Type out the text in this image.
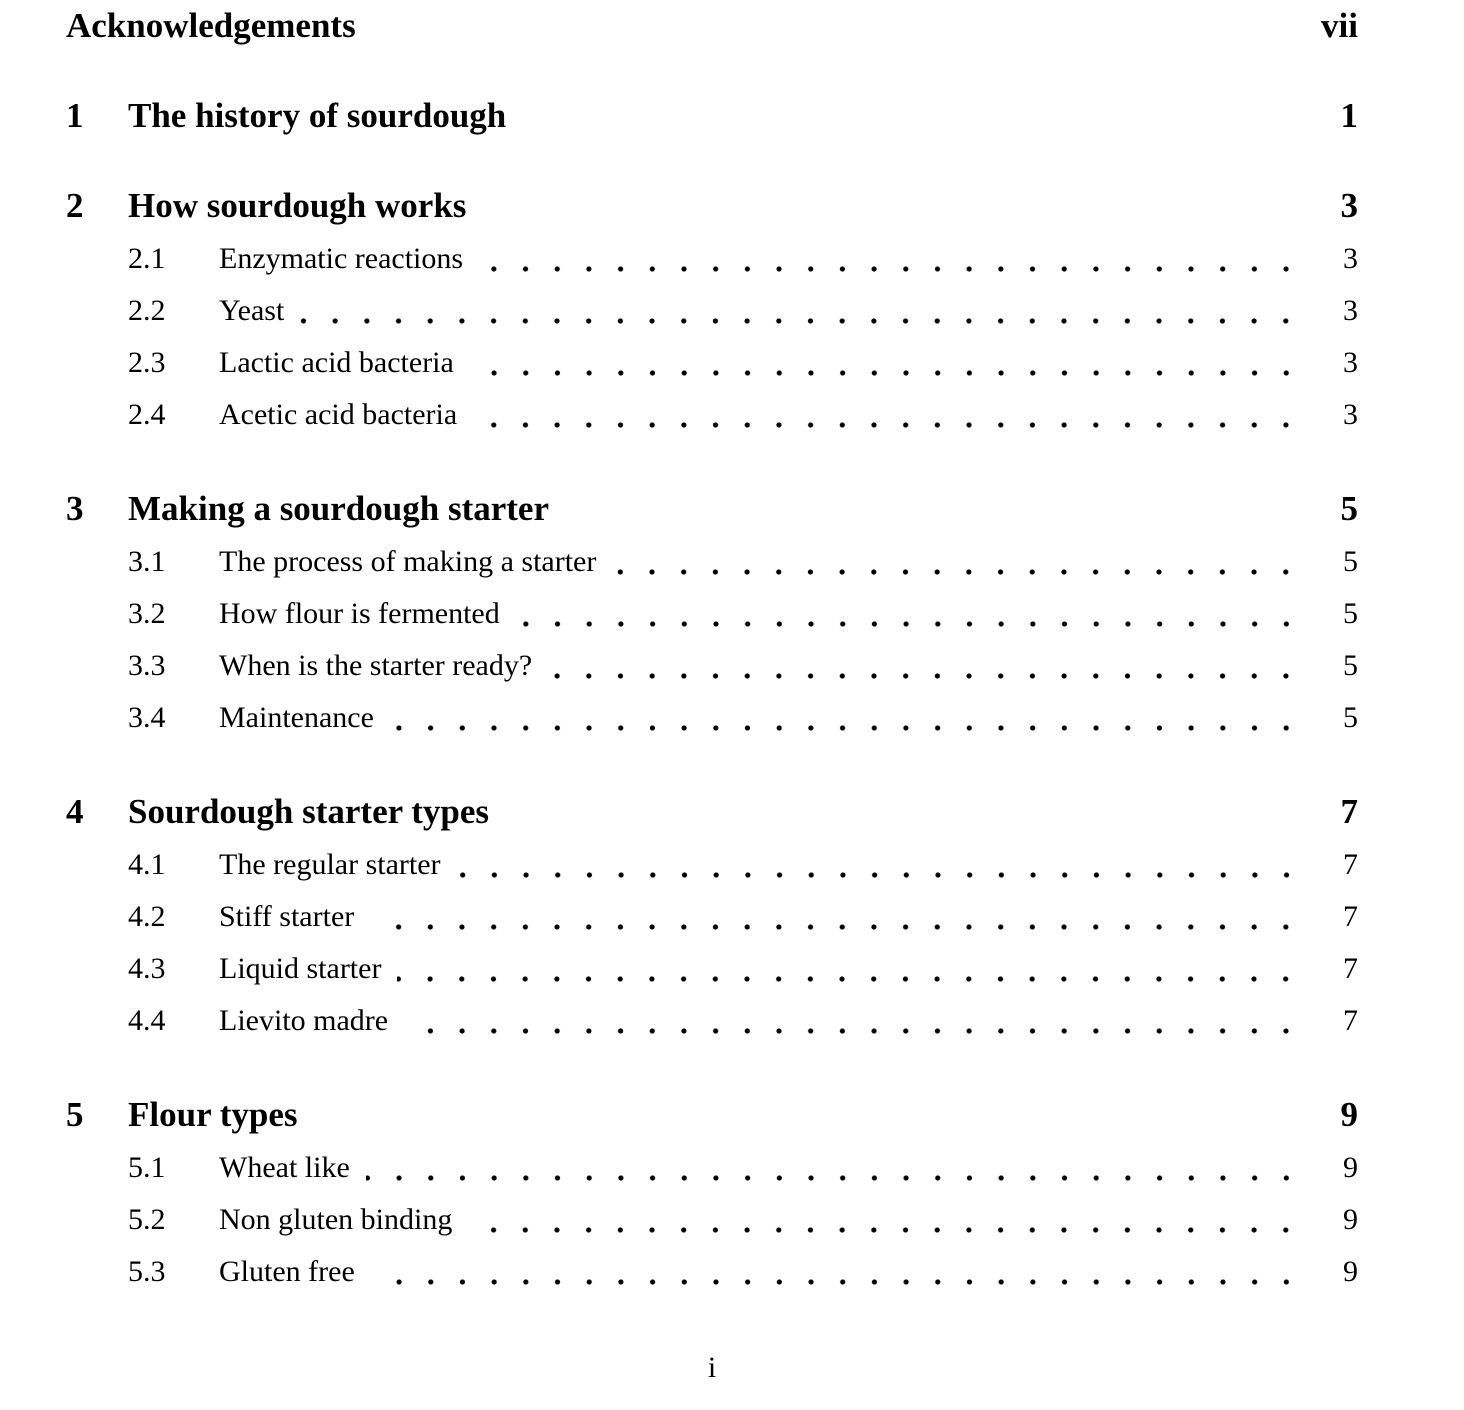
Acknowledgements	vii
1	The history of sourdough	1
2	How sourdough works	3
2.1	Enzymatic reactions	3
2.2	Yeast	3
2.3	Lactic acid bacteria	3
2.4	Acetic acid bacteria	3
3	Making a sourdough starter	5
3.1	The process of making a starter	5
3.2	How flour is fermented	5
3.3	When is the starter ready?	5
3.4	Maintenance	5
4	Sourdough starter types	7
4.1	The regular starter	7
4.2	Stiff starter	7
4.3	Liquid starter	7
4.4	Lievito madre	7
5	Flour types	9
5.1	Wheat like	9
5.2	Non gluten binding	9
5.3	Gluten free	9
i
